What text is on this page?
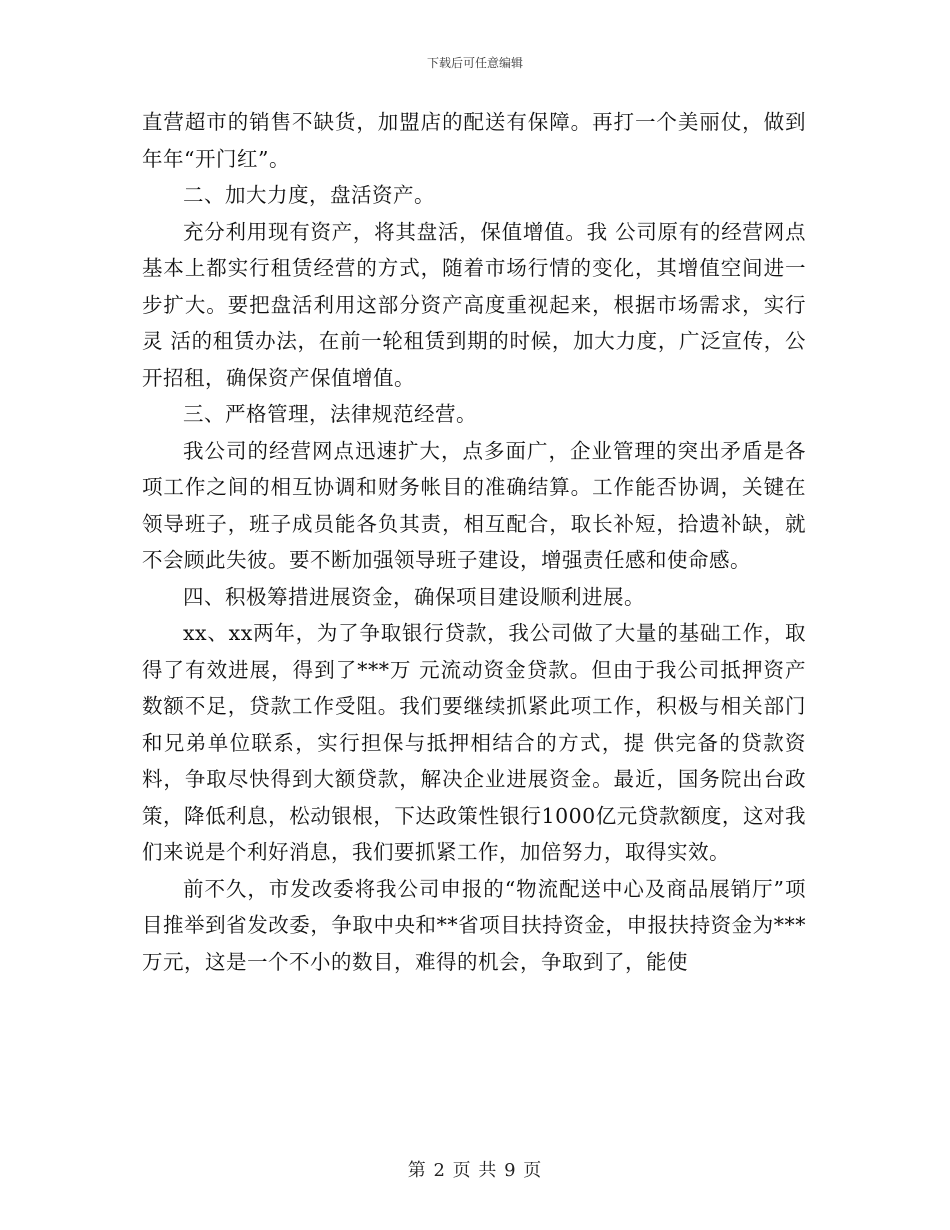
下载后可任意编辑

直营超市的销售不缺货，加盟店的配送有保障。再打一个美丽仗，做到年年“开门红”。

二、加大力度，盘活资产。

充分利用现有资产，将其盘活，保值增值。我 公司原有的经营网点基本上都实行租赁经营的方式，随着市场行情的变化，其增值空间进一步扩大。要把盘活利用这部分资产高度重视起来，根据市场需求，实行灵 活的租赁办法，在前一轮租赁到期的时候，加大力度，广泛宣传，公开招租，确保资产保值增值。

三、严格管理，法律规范经营。

我公司的经营网点迅速扩大，点多面广，企业管理的突出矛盾是各项工作之间的相互协调和财务帐目的准确结算。工作能否协调，关键在领导班子，班子成员能各负其责，相互配合，取长补短，拾遗补缺，就不会顾此失彼。要不断加强领导班子建设，增强责任感和使命感。

四、积极筹措进展资金，确保项目建设顺利进展。

xx、xx两年，为了争取银行贷款，我公司做了大量的基础工作，取得了有效进展，得到了***万 元流动资金贷款。但由于我公司抵押资产数额不足，贷款工作受阻。我们要继续抓紧此项工作，积极与相关部门和兄弟单位联系，实行担保与抵押相结合的方式，提 供完备的贷款资料，争取尽快得到大额贷款，解决企业进展资金。最近，国务院出台政策，降低利息，松动银根，下达政策性银行1000亿元贷款额度，这对我们来说是个利好消息，我们要抓紧工作，加倍努力，取得实效。

前不久，市发改委将我公司申报的“物流配送中心及商品展销厅”项目推举到省发改委，争取中央和**省项目扶持资金，申报扶持资金为***万元，这是一个不小的数目，难得的机会，争取到了，能使

第 2 页 共 9 页
